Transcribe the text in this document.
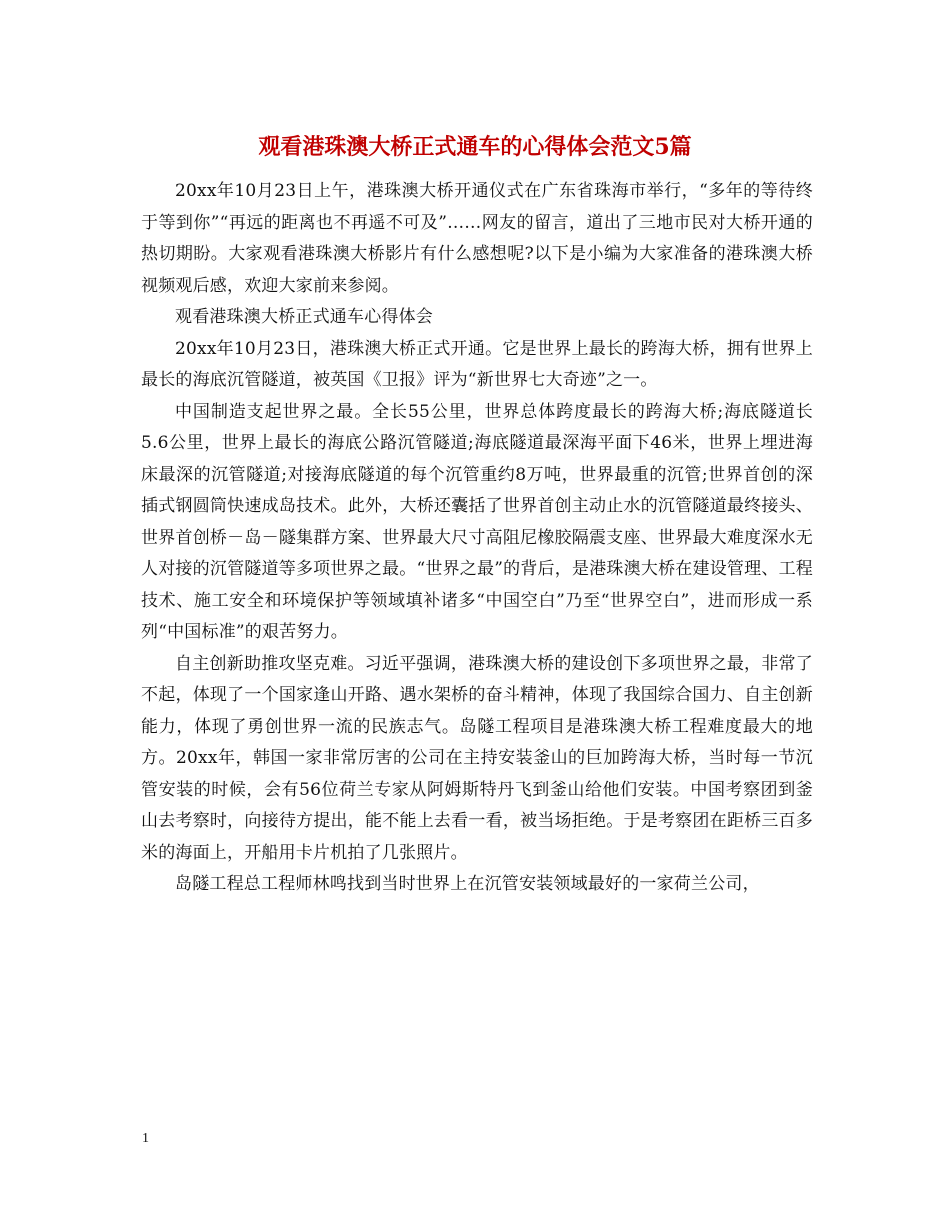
观看港珠澳大桥正式通车的心得体会范文5篇

20xx年10月23日上午，港珠澳大桥开通仪式在广东省珠海市举行，“多年的等待终于等到你”“再远的距离也不再遥不可及”……网友的留言，道出了三地市民对大桥开通的热切期盼。大家观看港珠澳大桥影片有什么感想呢?以下是小编为大家准备的港珠澳大桥视频观后感，欢迎大家前来参阅。

观看港珠澳大桥正式通车心得体会

20xx年10月23日，港珠澳大桥正式开通。它是世界上最长的跨海大桥，拥有世界上最长的海底沉管隧道，被英国《卫报》评为“新世界七大奇迹”之一。

中国制造支起世界之最。全长55公里，世界总体跨度最长的跨海大桥;海底隧道长5.6公里，世界上最长的海底公路沉管隧道;海底隧道最深海平面下46米，世界上埋进海床最深的沉管隧道;对接海底隧道的每个沉管重约8万吨，世界最重的沉管;世界首创的深插式钢圆筒快速成岛技术。此外，大桥还囊括了世界首创主动止水的沉管隧道最终接头、世界首创桥－岛－隧集群方案、世界最大尺寸高阻尼橡胶隔震支座、世界最大难度深水无人对接的沉管隧道等多项世界之最。“世界之最”的背后，是港珠澳大桥在建设管理、工程技术、施工安全和环境保护等领域填补诸多“中国空白”乃至“世界空白”，进而形成一系列“中国标准”的艰苦努力。

自主创新助推攻坚克难。习近平强调，港珠澳大桥的建设创下多项世界之最，非常了不起，体现了一个国家逢山开路、遇水架桥的奋斗精神，体现了我国综合国力、自主创新能力，体现了勇创世界一流的民族志气。岛隧工程项目是港珠澳大桥工程难度最大的地方。20xx年，韩国一家非常厉害的公司在主持安装釜山的巨加跨海大桥，当时每一节沉管安装的时候，会有56位荷兰专家从阿姆斯特丹飞到釜山给他们安装。中国考察团到釜山去考察时，向接待方提出，能不能上去看一看，被当场拒绝。于是考察团在距桥三百多米的海面上，开船用卡片机拍了几张照片。

岛隧工程总工程师林鸣找到当时世界上在沉管安装领域最好的一家荷兰公司，

1
